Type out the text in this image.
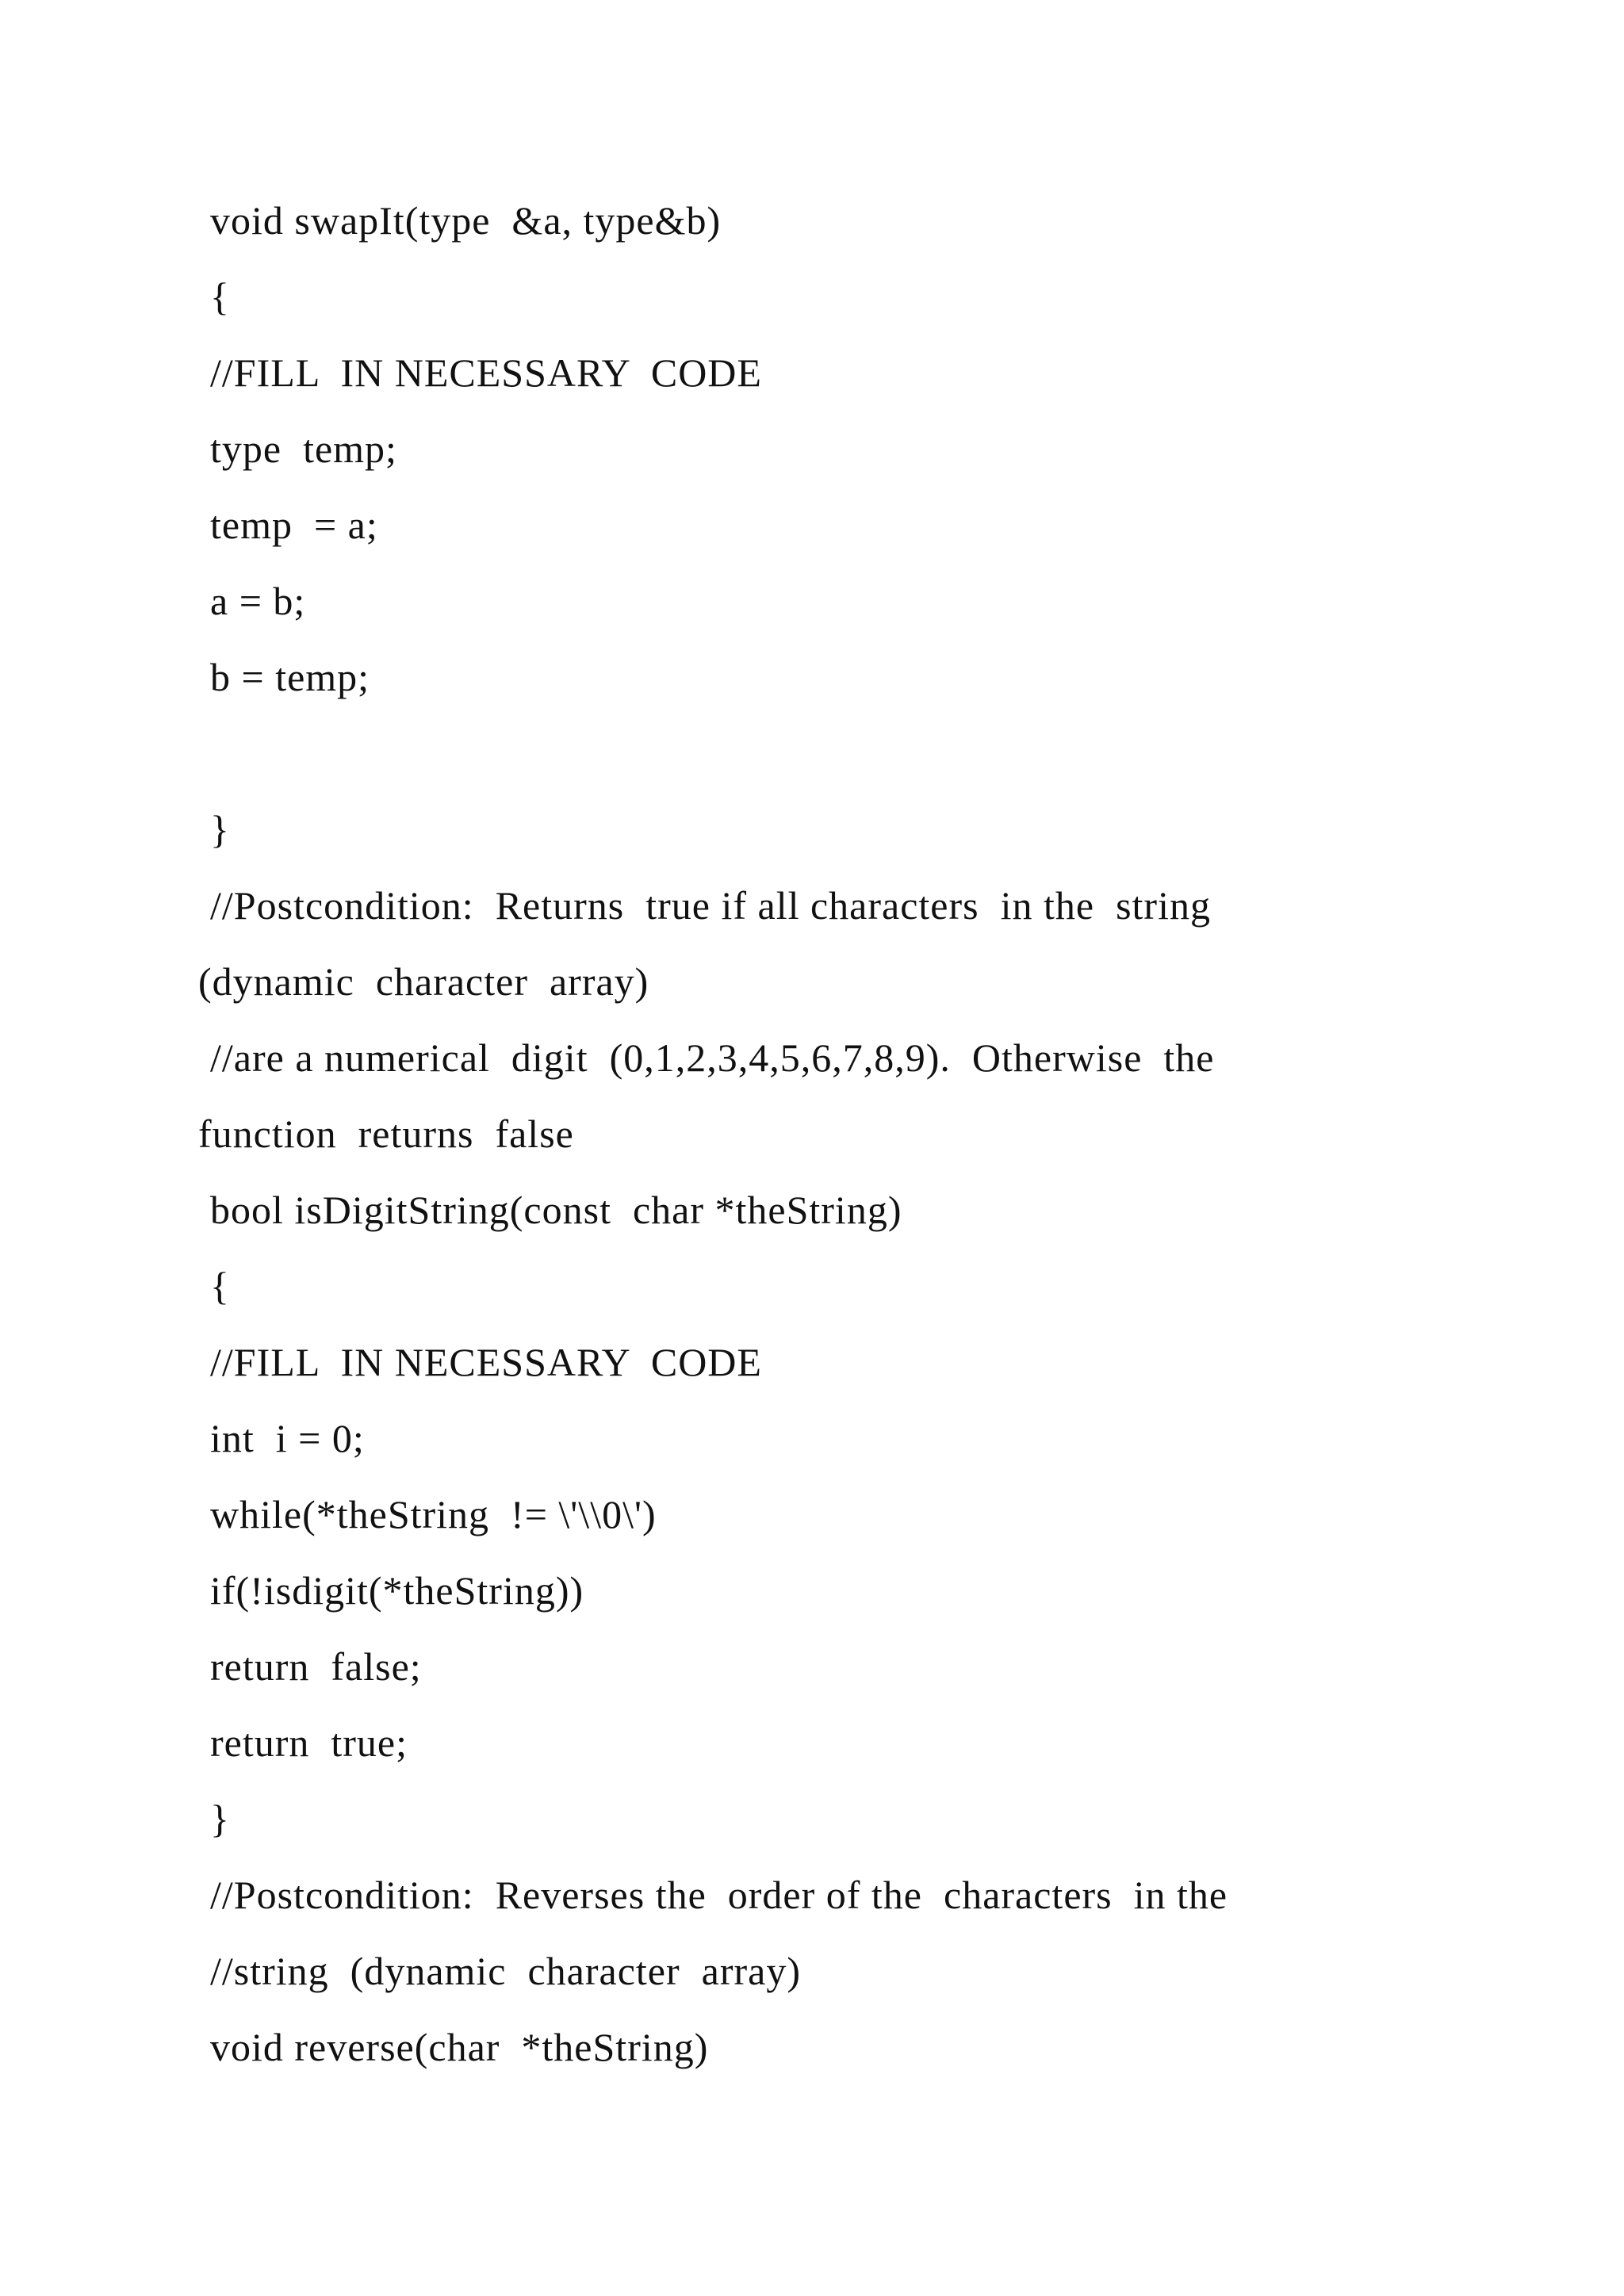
void swapIt(type  &a, type&b)
{
//FILL  IN NECESSARY  CODE
type  temp;
temp  = a;
a = b;
b = temp;
}
//Postcondition:  Returns  true if all characters  in the  string
(dynamic  character  array)
//are a numerical  digit  (0,1,2,3,4,5,6,7,8,9).  Otherwise  the
function  returns  false
bool isDigitString(const  char *theString)
{
//FILL  IN NECESSARY  CODE
int  i = 0;
while(*theString  != \'\\0\')
if(!isdigit(*theString))
return  false;
return  true;
}
//Postcondition:  Reverses the  order of the  characters  in the
//string  (dynamic  character  array)
void reverse(char  *theString)
